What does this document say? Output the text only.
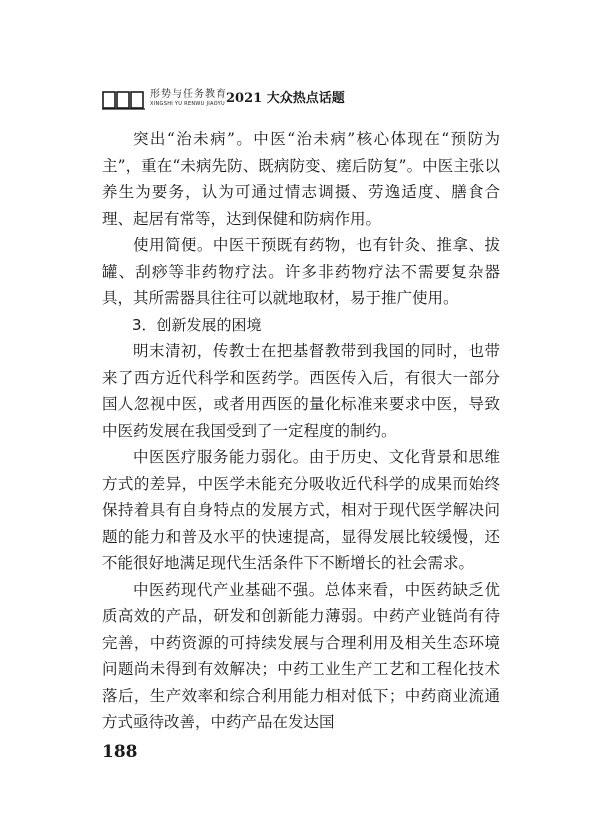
形势与任务教育
XINGSHI YU RENWU JIAOYU 2021 大众热点话题

突出“治未病”。中医“治未病”核心体现在“预防为主”，重在“未病先防、既病防变、瘥后防复”。中医主张以养生为要务，认为可通过情志调摄、劳逸适度、膳食合理、起居有常等，达到保健和防病作用。

使用简便。中医干预既有药物，也有针灸、推拿、拔罐、刮痧等非药物疗法。许多非药物疗法不需要复杂器具，其所需器具往往可以就地取材，易于推广使用。

3．创新发展的困境

明末清初，传教士在把基督教带到我国的同时，也带来了西方近代科学和医药学。西医传入后，有很大一部分国人忽视中医，或者用西医的量化标准来要求中医，导致中医药发展在我国受到了一定程度的制约。

中医医疗服务能力弱化。由于历史、文化背景和思维方式的差异，中医学未能充分吸收近代科学的成果而始终保持着具有自身特点的发展方式，相对于现代医学解决问题的能力和普及水平的快速提高，显得发展比较缓慢，还不能很好地满足现代生活条件下不断增长的社会需求。

中医药现代产业基础不强。总体来看，中医药缺乏优质高效的产品，研发和创新能力薄弱。中药产业链尚有待完善，中药资源的可持续发展与合理利用及相关生态环境问题尚未得到有效解决；中药工业生产工艺和工程化技术落后，生产效率和综合利用能力相对低下；中药商业流通方式亟待改善，中药产品在发达国

188
